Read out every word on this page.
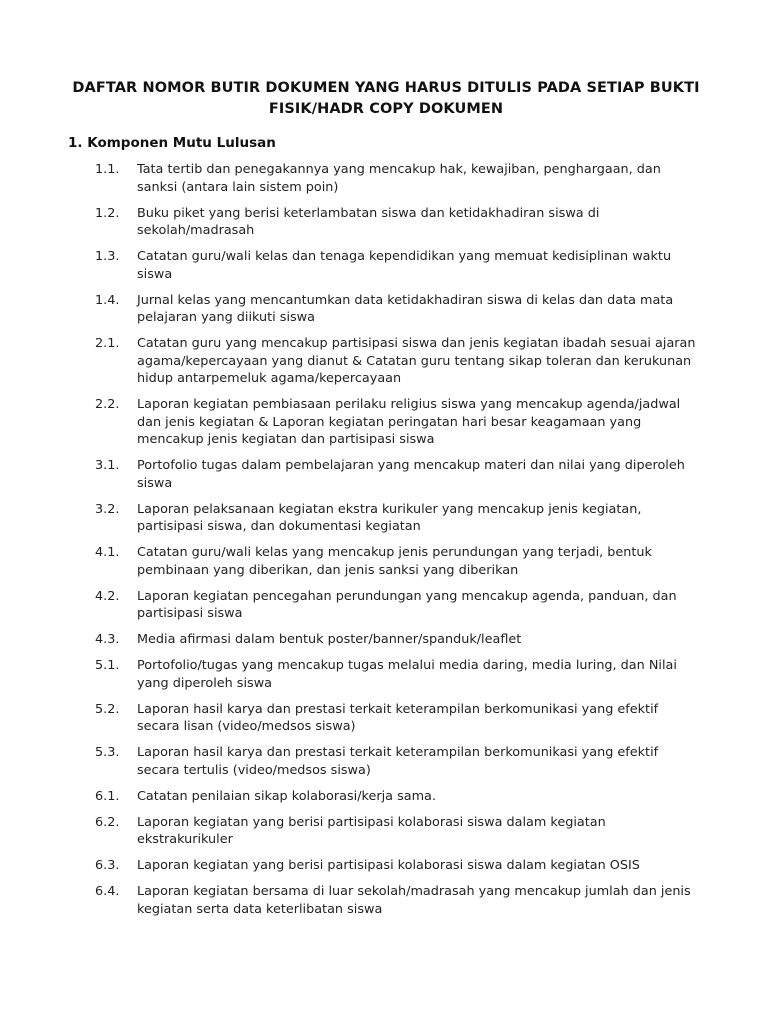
DAFTAR NOMOR BUTIR DOKUMEN YANG HARUS DITULIS PADA SETIAP BUKTI
FISIK/HADR COPY DOKUMEN
1. Komponen Mutu Lulusan
1.1.	Tata tertib dan penegakannya yang mencakup hak, kewajiban, penghargaan, dan sanksi (antara lain sistem poin)
1.2.	Buku piket yang berisi keterlambatan siswa dan ketidakhadiran siswa di sekolah/madrasah
1.3.	Catatan guru/wali kelas dan tenaga kependidikan yang memuat kedisiplinan waktu siswa
1.4.	Jurnal kelas yang mencantumkan data ketidakhadiran siswa di kelas dan data mata pelajaran yang diikuti siswa
2.1.	Catatan guru yang mencakup partisipasi siswa dan jenis kegiatan ibadah sesuai ajaran agama/kepercayaan yang dianut & Catatan guru tentang sikap toleran dan kerukunan hidup antarpemeluk agama/kepercayaan
2.2.	Laporan kegiatan pembiasaan perilaku religius siswa yang mencakup agenda/jadwal dan jenis kegiatan & Laporan kegiatan peringatan hari besar keagamaan yang mencakup jenis kegiatan dan partisipasi siswa
3.1.	Portofolio tugas dalam pembelajaran yang mencakup materi dan nilai yang diperoleh siswa
3.2.	Laporan pelaksanaan kegiatan ekstra kurikuler yang mencakup jenis kegiatan, partisipasi siswa, dan dokumentasi kegiatan
4.1.	Catatan guru/wali kelas yang mencakup jenis perundungan yang terjadi, bentuk pembinaan yang diberikan, dan jenis sanksi yang diberikan
4.2.	Laporan kegiatan pencegahan perundungan yang mencakup agenda, panduan, dan partisipasi siswa
4.3.	Media afirmasi dalam bentuk poster/banner/spanduk/leaflet
5.1.	Portofolio/tugas yang mencakup tugas melalui media daring, media luring, dan Nilai yang diperoleh siswa
5.2.	Laporan hasil karya dan prestasi terkait keterampilan berkomunikasi yang efektif secara lisan (video/medsos siswa)
5.3.	Laporan hasil karya dan prestasi terkait keterampilan berkomunikasi yang efektif secara tertulis (video/medsos siswa)
6.1.	Catatan penilaian sikap kolaborasi/kerja sama.
6.2.	Laporan kegiatan yang berisi partisipasi kolaborasi siswa dalam kegiatan ekstrakurikuler
6.3.	Laporan kegiatan yang berisi partisipasi kolaborasi siswa dalam kegiatan OSIS
6.4.	Laporan kegiatan bersama di luar sekolah/madrasah yang mencakup jumlah dan jenis kegiatan serta data keterlibatan siswa
